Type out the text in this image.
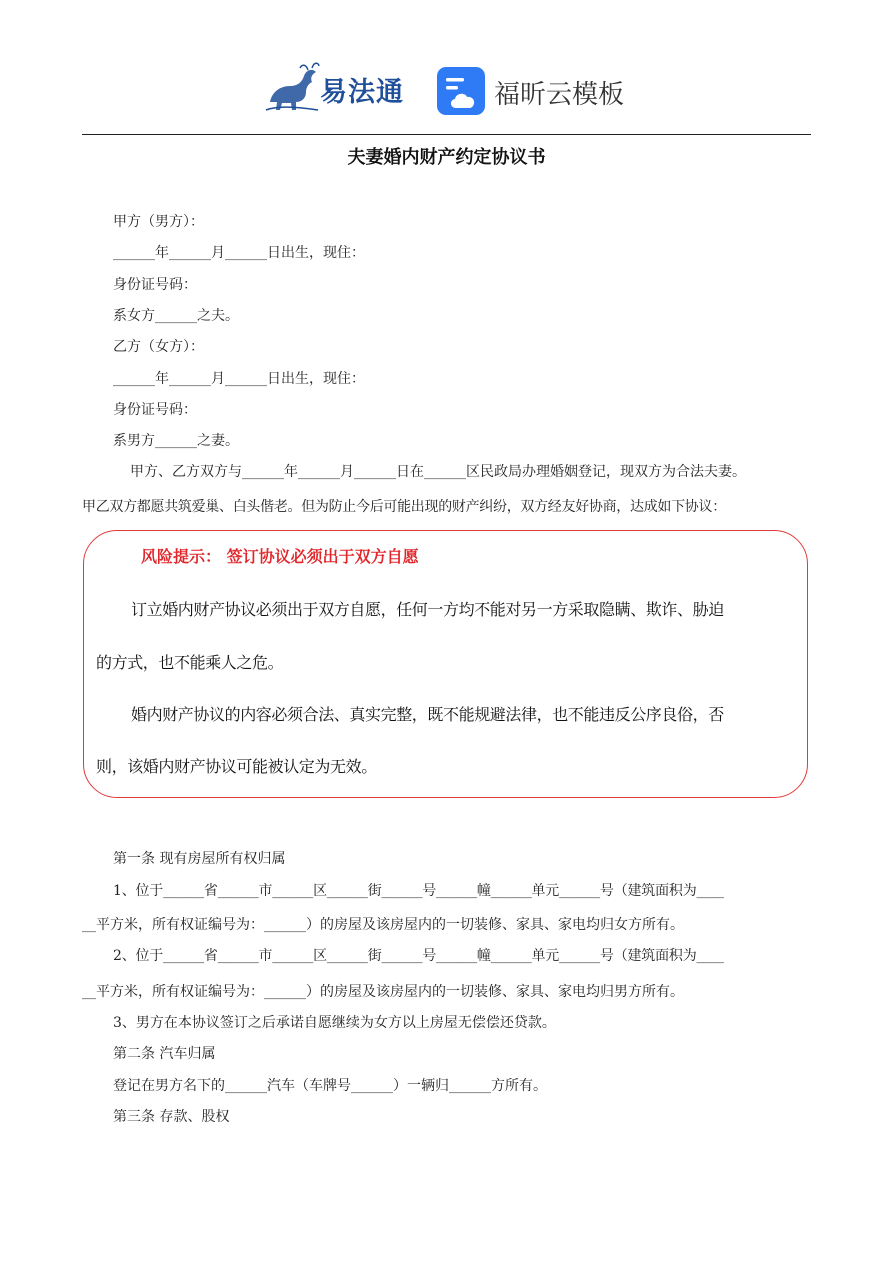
易法通	福昕云模板
夫妻婚内财产约定协议书
甲方（男方）：
______年______月______日出生，现住：
身份证号码：
系女方______之夫。
乙方（女方）：
______年______月______日出生，现住：
身份证号码：
系男方______之妻。
甲方、乙方双方与______年______月______日在______区民政局办理婚姻登记，现双方为合法夫妻。
甲乙双方都愿共筑爱巢、白头偕老。但为防止今后可能出现的财产纠纷，双方经友好协商，达成如下协议：
风险提示： 签订协议必须出于双方自愿
订立婚内财产协议必须出于双方自愿，任何一方均不能对另一方采取隐瞒、欺诈、胁迫
的方式，也不能乘人之危。
婚内财产协议的内容必须合法、真实完整，既不能规避法律，也不能违反公序良俗，否
则，该婚内财产协议可能被认定为无效。
第一条 现有房屋所有权归属
1、位于______省______市______区______街______号______幢______单元______号（建筑面积为____
__平方米，所有权证编号为：______）的房屋及该房屋内的一切装修、家具、家电均归女方所有。
2、位于______省______市______区______街______号______幢______单元______号（建筑面积为____
__平方米，所有权证编号为：______）的房屋及该房屋内的一切装修、家具、家电均归男方所有。
3、男方在本协议签订之后承诺自愿继续为女方以上房屋无偿偿还贷款。
第二条 汽车归属
登记在男方名下的______汽车（车牌号______）一辆归______方所有。
第三条 存款、股权
